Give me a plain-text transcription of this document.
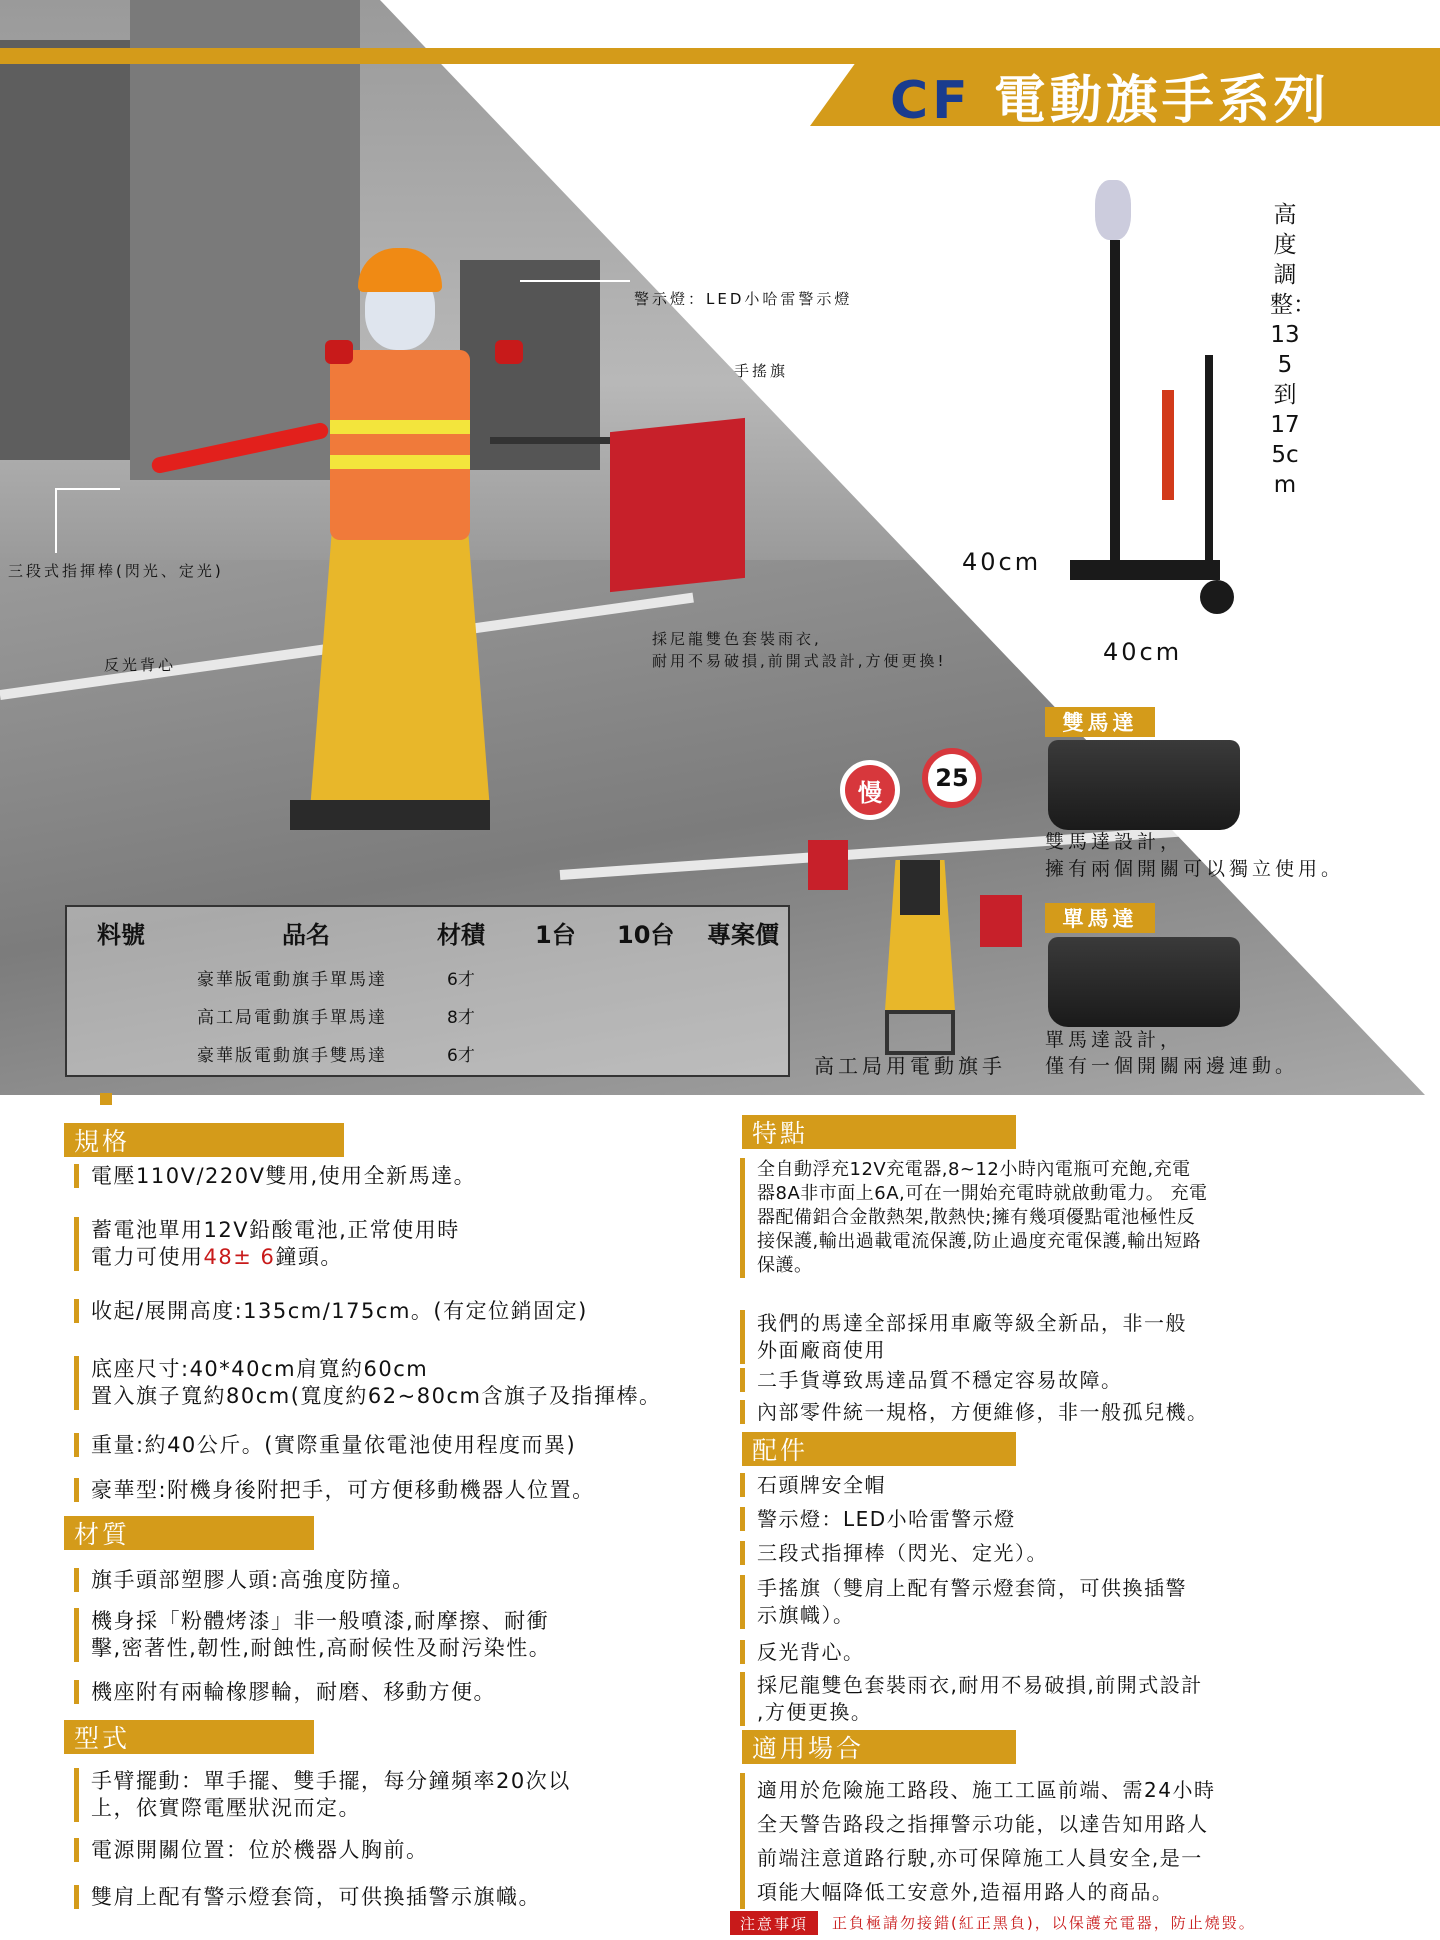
CF 電動旗手系列
警示燈：LED小哈雷警示燈
手搖旗
三段式指揮棒(閃光、定光)
反光背心
採尼龍雙色套裝雨衣,
耐用不易破損,前開式設計,方便更換!
高度調整：135到175cm
40cm
40cm
慢
25
高工局用電動旗手
雙馬達
雙馬達設計，
擁有兩個開關可以獨立使用。
單馬達
單馬達設計，
僅有一個開關兩邊連動。
料號	品名	材積 1台 10台 專案價
豪華版電動旗手單馬達	6才
高工局電動旗手單馬達	8才
豪華版電動旗手雙馬達	6才
規格
電壓110V/220V雙用,使用全新馬達。
蓄電池單用12V鉛酸電池,正常使用時
電力可使用48± 6鐘頭。
收起/展開高度:135cm/175cm。(有定位銷固定)
底座尺寸:40*40cm肩寬約60cm
置入旗子寬約80cm(寬度約62~80cm含旗子及指揮棒。
重量:約40公斤。(實際重量依電池使用程度而異)
豪華型:附機身後附把手，可方便移動機器人位置。
材質
旗手頭部塑膠人頭:高強度防撞。
機身採「粉體烤漆」非一般噴漆,耐摩擦、耐衝
擊,密著性,韌性,耐蝕性,高耐候性及耐污染性。
機座附有兩輪橡膠輪，耐磨、移動方便。
型式
手臂擺動：單手擺、雙手擺，每分鐘頻率20次以
上，依實際電壓狀況而定。
電源開關位置：位於機器人胸前。
雙肩上配有警示燈套筒，可供換插警示旗幟。
特點
全自動浮充12V充電器,8~12小時內電瓶可充飽,充電
器8A非市面上6A,可在一開始充電時就啟動電力。 充電
器配備鋁合金散熱架,散熱快;擁有幾項優點電池極性反
接保護,輸出過載電流保護,防止過度充電保護,輸出短路
保護。
我們的馬達全部採用車廠等級全新品，非一般
外面廠商使用
二手貨導致馬達品質不穩定容易故障。
內部零件統一規格，方便維修，非一般孤兒機。
配件
石頭牌安全帽
警示燈：LED小哈雷警示燈
三段式指揮棒（閃光、定光）。
手搖旗（雙肩上配有警示燈套筒，可供換插警
示旗幟）。
反光背心。
採尼龍雙色套裝雨衣,耐用不易破損,前開式設計
,方便更換。
適用場合
適用於危險施工路段、施工工區前端、需24小時
全天警告路段之指揮警示功能，以達告知用路人
前端注意道路行駛,亦可保障施工人員安全,是一
項能大幅降低工安意外,造福用路人的商品。
注意事項	正負極請勿接錯(紅正黑負)，以保護充電器，防止燒毀。
